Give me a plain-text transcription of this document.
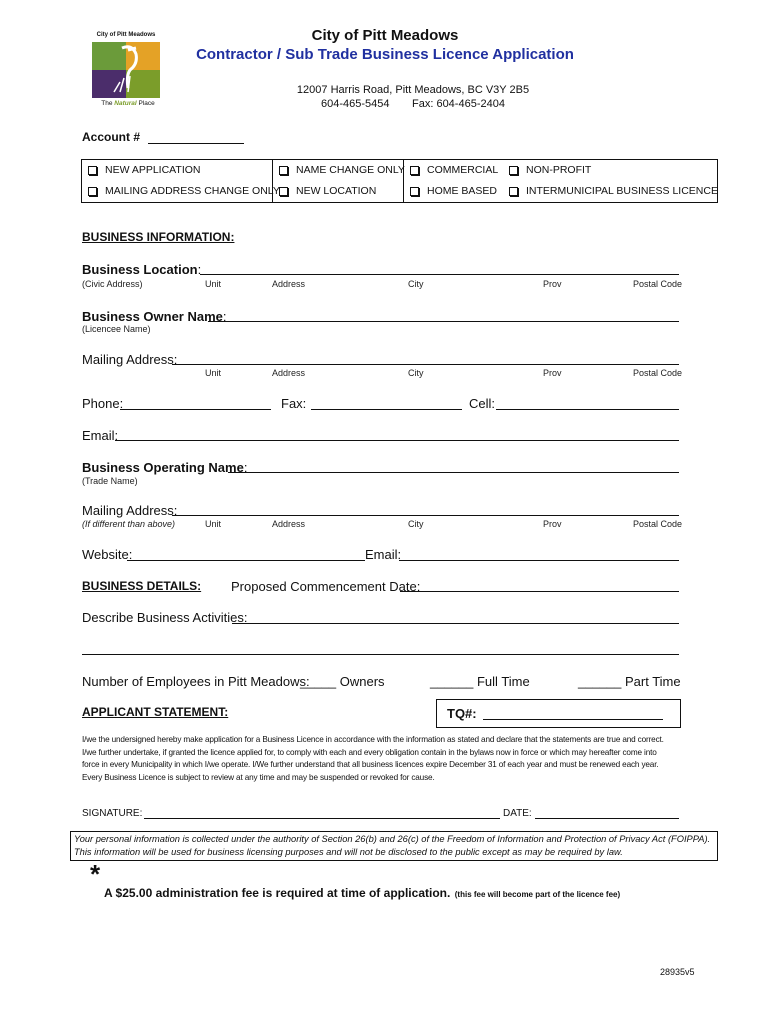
City of Pitt Meadows
The Natural Place
City of Pitt Meadows
Contractor / Sub Trade Business Licence Application
12007 Harris Road, Pitt Meadows, BC V3Y 2B5
604-465-5454 Fax: 604-465-2404
Account #
NEW APPLICATION	NAME CHANGE ONLY	COMMERCIAL	NON-PROFIT
MAILING ADDRESS CHANGE ONLY	NEW LOCATION	HOME BASED	INTERMUNICIPAL BUSINESS LICENCE
BUSINESS INFORMATION:
Business Location:
(Civic Address)	Unit	Address	City	Prov	Postal Code
Business Owner Name:
(Licencee Name)
Mailing Address:
Unit	Address	City	Prov	Postal Code
Phone:	Fax:	Cell:
Email:
Business Operating Name:
(Trade Name)
Mailing Address:
(If different than above)	Unit	Address	City	Prov	Postal Code
Website:	Email:
BUSINESS DETAILS: Proposed Commencement Date:
Describe Business Activities:
Number of Employees in Pitt Meadows:
_____ Owners	______ Full Time	______ Part Time
APPLICANT STATEMENT:	TQ#:
I/we the undersigned hereby make application for a Business Licence in accordance with the information as stated and declare that the statements are true and correct.
I/we further undertake, if granted the licence applied for, to comply with each and every obligation contain in the bylaws now in force or which may hereafter come into
force in every Municipality in which I/we operate. I/We further understand that all business licences expire December 31 of each year and must be renewed each year.
Every Business Licence is subject to review at any time and may be suspended or revoked for cause.
SIGNATURE:	DATE:
Your personal information is collected under the authority of Section 26(b) and 26(c) of the Freedom of Information and Protection of Privacy Act (FOIPPA).
This information will be used for business licensing purposes and will not be disclosed to the public except as may be required by law.
*
A $25.00 administration fee is required at time of application. (this fee will become part of the licence fee)
28935v5
